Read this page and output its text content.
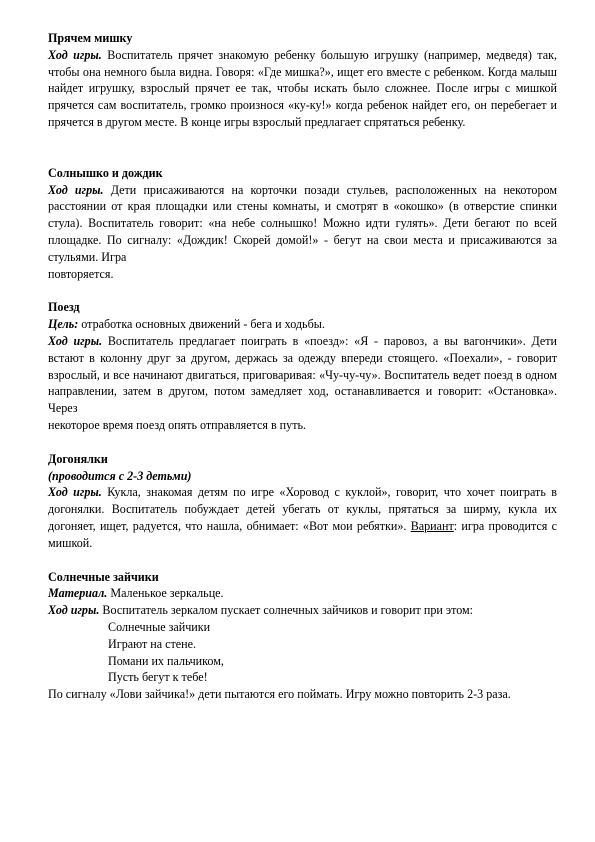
Прячем мишку

Ход игры. Воспитатель прячет знакомую ребенку большую игрушку (например, медведя) так, чтобы она немного была видна. Говоря: «Где мишка?», ищет его вместе с ребенком. Когда малыш найдет игрушку, взрослый прячет ее так, чтобы искать было сложнее. После игры с мишкой прячется сам воспитатель, громко произнося «ку-ку!» когда ребенок найдет его, он перебегает и прячется в другом месте. В конце игры взрослый предлагает спрятаться ребенку.

Солнышко и дождик

Ход игры. Дети присаживаются на корточки позади стульев, расположенных на некотором расстоянии от края площадки или стены комнаты, и смотрят в «окошко» (в отверстие спинки стула). Воспитатель говорит: «на небе солнышко! Можно идти гулять». Дети бегают по всей площадке. По сигналу: «Дождик! Скорей домой!» - бегут на свои места и присаживаются за стульями. Игра

повторяется.

Поезд

Цель: отработка основных движений - бега и ходьбы.

Ход игры. Воспитатель предлагает поиграть в «поезд»: «Я - паровоз, а вы вагончики». Дети встают в колонну друг за другом, держась за одежду впереди стоящего. «Поехали», - говорит взрослый, и все начинают двигаться, приговаривая: «Чу-чу-чу». Воспитатель ведет поезд в одном направлении, затем в другом, потом замедляет ход, останавливается и говорит: «Остановка». Через

некоторое время поезд опять отправляется в путь.

Догонялки

(проводится с 2-3 детьми)

Ход игры. Кукла, знакомая детям по игре «Хоровод с куклой», говорит, что хочет поиграть в догонялки. Воспитатель побуждает детей убегать от куклы, прятаться за ширму, кукла их догоняет, ищет, радуется, что нашла, обнимает: «Вот мои ребятки». Вариант: игра проводится с мишкой.

Солнечные зайчики

Материал. Маленькое зеркальце.

Ход игры. Воспитатель зеркалом пускает солнечных зайчиков и говорит при этом:

Солнечные зайчики

Играют на стене.

Помани их пальчиком,

Пусть бегут к тебе!

По сигналу «Лови зайчика!» дети пытаются его поймать. Игру можно повторить 2-3 раза.
